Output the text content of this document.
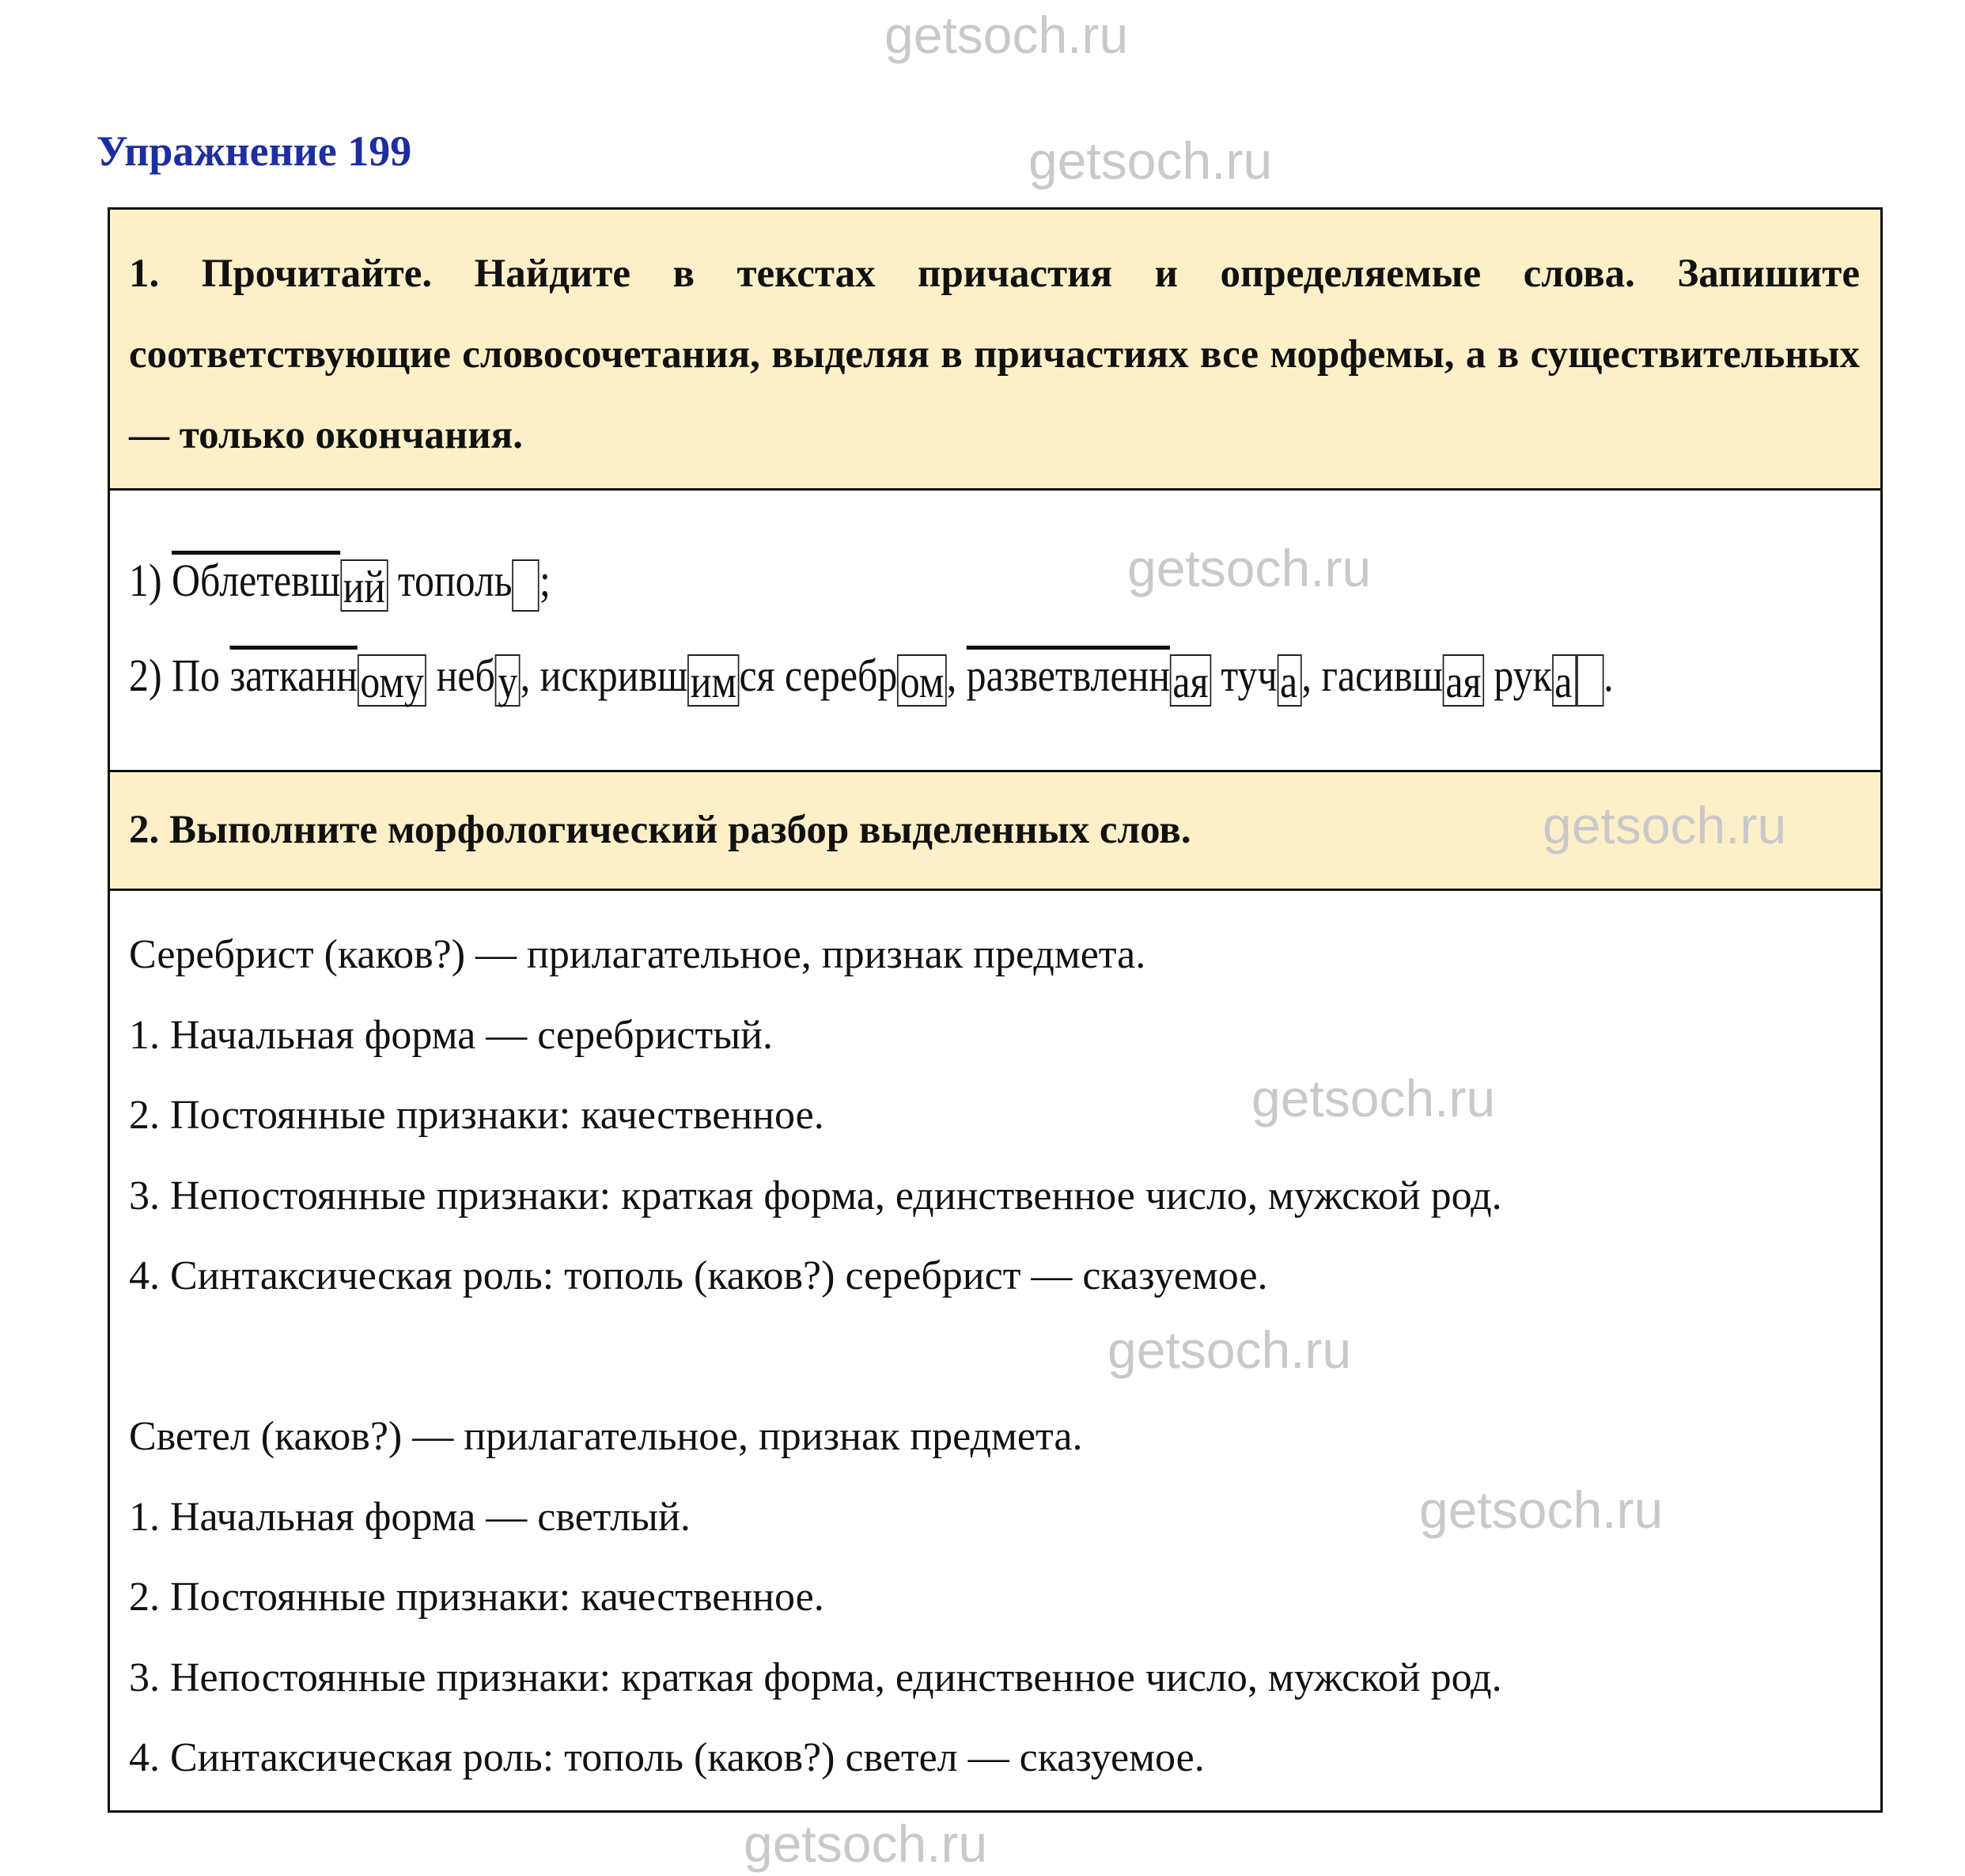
getsoch.ru
getsoch.ru
getsoch.ru
getsoch.ru
getsoch.ru
getsoch.ru
getsoch.ru
getsoch.ru
Упражнение 199
1. Прочитайте. Найдите в текстах причастия и определяемые слова. Запишите соответствующие словосочетания, выделяя в причастиях все морфемы, а в существительных — только окончания.
1) Облетевший тополь ;
2) По затканному небу, искрившимся серебром, разветвленная туча, гасившая рука .
2. Выполните морфологический разбор выделенных слов.
Серебрист (каков?) — прилагательное, признак предмета.
1. Начальная форма — серебристый.
2. Постоянные признаки: качественное.
3. Непостоянные признаки: краткая форма, единственное число, мужской род.
4. Синтаксическая роль: тополь (каков?) серебрист — сказуемое.
Светел (каков?) — прилагательное, признак предмета.
1. Начальная форма — светлый.
2. Постоянные признаки: качественное.
3. Непостоянные признаки: краткая форма, единственное число, мужской род.
4. Синтаксическая роль: тополь (каков?) светел — сказуемое.
